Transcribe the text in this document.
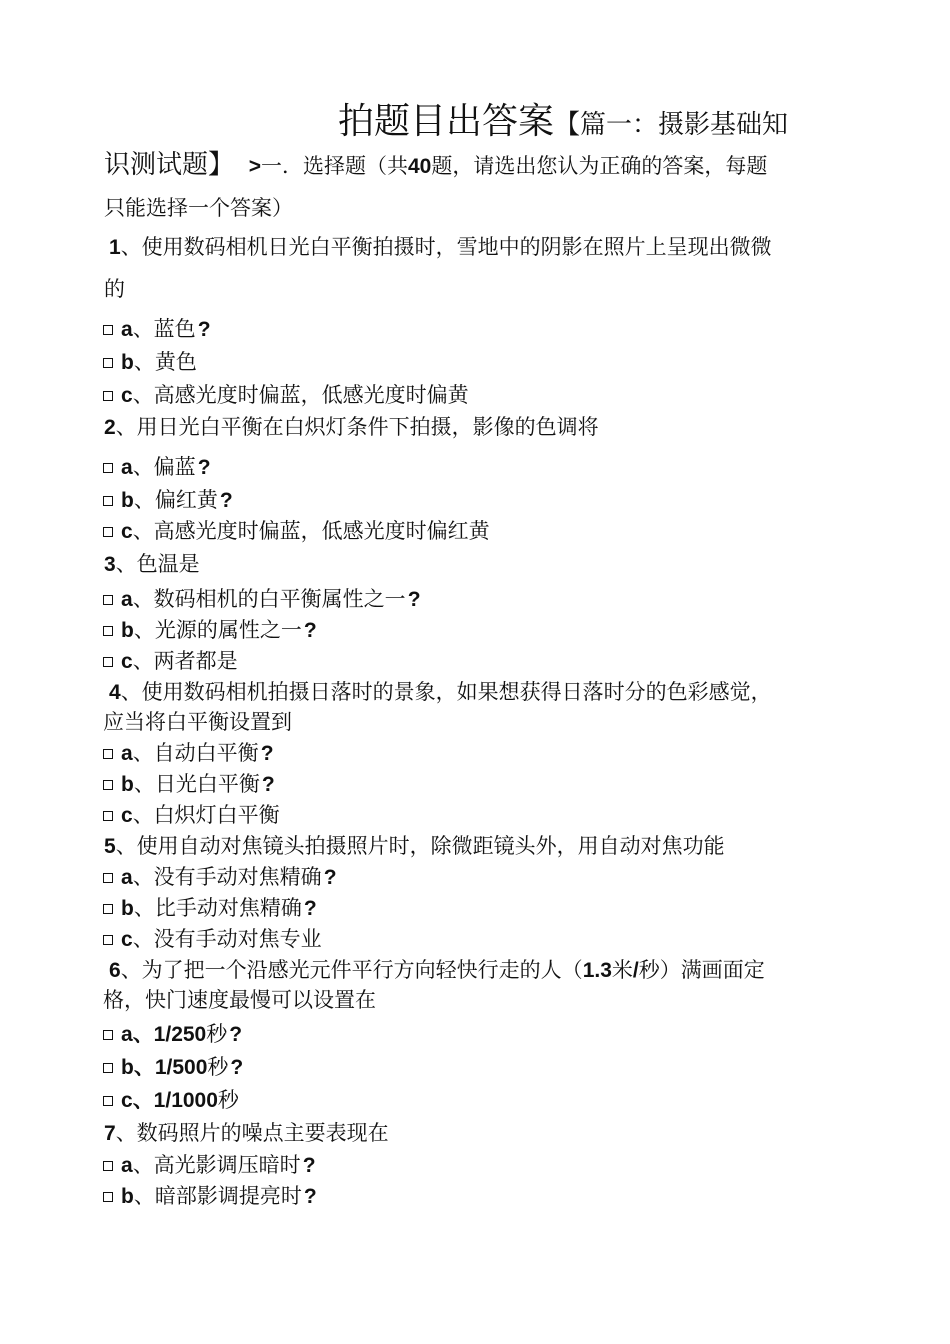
拍题目出答案【篇一：摄影基础知
识测试题】 >一．选择题（共40题，请选出您认为正确的答案，每题
只能选择一个答案）
1、使用数码相机日光白平衡拍摄时，雪地中的阴影在照片上呈现出微微
的
a、蓝色?
b、黄色
c、高感光度时偏蓝，低感光度时偏黄
2、用日光白平衡在白炽灯条件下拍摄，影像的色调将
a、偏蓝?
b、偏红黄?
c、高感光度时偏蓝，低感光度时偏红黄
3、色温是
a、数码相机的白平衡属性之一?
b、光源的属性之一?
c、两者都是
4、使用数码相机拍摄日落时的景象，如果想获得日落时分的色彩感觉，
应当将白平衡设置到
a、自动白平衡?
b、日光白平衡?
c、白炽灯白平衡
5、使用自动对焦镜头拍摄照片时，除微距镜头外，用自动对焦功能
a、没有手动对焦精确?
b、比手动对焦精确?
c、没有手动对焦专业
6、为了把一个沿感光元件平行方向轻快行走的人（1.3米/秒）满画面定
格，快门速度最慢可以设置在
a、1/250秒?
b、1/500秒?
c、1/1000秒
7、数码照片的噪点主要表现在
a、高光影调压暗时?
b、暗部影调提亮时?
